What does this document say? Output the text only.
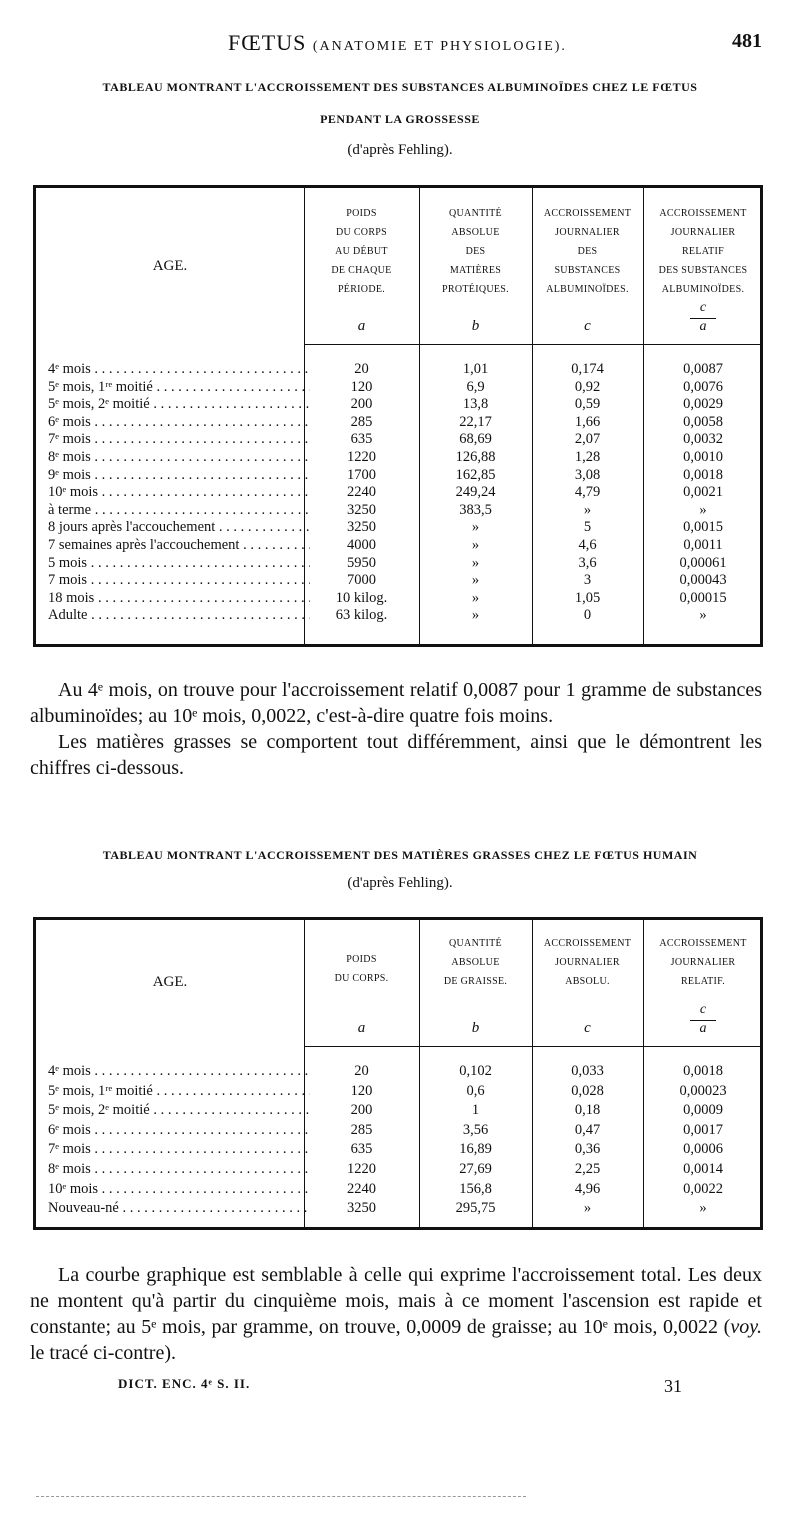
FŒTUS (ANATOMIE ET PHYSIOLOGIE).	481
TABLEAU MONTRANT L'ACCROISSEMENT DES SUBSTANCES ALBUMINOÏDES CHEZ LE FŒTUS
PENDANT LA GROSSESSE
(d'après Fehling).
AGE.
POIDS
DU CORPS
AU DÉBUT
DE CHAQUE
PÉRIODE.
QUANTITÉ
ABSOLUE
DES
MATIÈRES
PROTÉIQUES.
ACCROISSEMENT
JOURNALIER
DES
SUBSTANCES
ALBUMINOÏDES.
ACCROISSEMENT
JOURNALIER
RELATIF
DES SUBSTANCES
ALBUMINOÏDES.
a	b	c
c
a
4ᵉ mois . . .	20	1,01	0,174	0,0087
5ᵉ mois, 1ʳᵉ moitié . . .	120	6,9	0,92	0,0076
5ᵉ mois, 2ᵉ moitié . . .	200	13,8	0,59	0,0029
6ᵉ mois . . .	285	22,17	1,66	0,0058
7ᵉ mois . . .	635	68,69	2,07	0,0032
8ᵉ mois . . .	1220	126,88	1,28	0,0010
9ᵉ mois . . .	1700	162,85	3,08	0,0018
10ᵉ mois . . .	2240	249,24	4,79	0,0021
à terme . . .	3250	383,5	»	»
8 jours après l'accouchement . . .	3250	»	5	0,0015
7 semaines après l'accouchement . . .	4000	»	4,6	0,0011
5 mois . . .	5950	»	3,6	0,00061
7 mois . . .	7000	»	3	0,00043
18 mois . . .	10 kilog.	»	1,05	0,00015
Adulte . . .	63 kilog.	»	0	»

Au 4ᵉ mois, on trouve pour l'accroissement relatif 0,0087 pour 1 gramme de substances albuminoïdes; au 10ᵉ mois, 0,0022, c'est-à-dire quatre fois moins.

Les matières grasses se comportent tout différemment, ainsi que le démontrent les chiffres ci-dessous.

TABLEAU MONTRANT L'ACCROISSEMENT DES MATIÈRES GRASSES CHEZ LE FŒTUS HUMAIN
(d'après Fehling).
AGE.
POIDS
DU CORPS.
QUANTITÉ
ABSOLUE
DE GRAISSE.
ACCROISSEMENT
JOURNALIER
ABSOLU.
ACCROISSEMENT
JOURNALIER
RELATIF.
a	b	c
c
a
4ᵉ mois . . .	20	0,102	0,033	0,0018
5ᵉ mois, 1ʳᵉ moitié . . .	120	0,6	0,028	0,00023
5ᵉ mois, 2ᵉ moitié . . .	200	1	0,18	0,0009
6ᵉ mois . . .	285	3,56	0,47	0,0017
7ᵉ mois . . .	635	16,89	0,36	0,0006
8ᵉ mois . . .	1220	27,69	2,25	0,0014
10ᵉ mois . . .	2240	156,8	4,96	0,0022
Nouveau-né . . .	3250	295,75	»	»

La courbe graphique est semblable à celle qui exprime l'accroissement total. Les deux ne montent qu'à partir du cinquième mois, mais à ce moment l'ascension est rapide et constante; au 5ᵉ mois, par gramme, on trouve, 0,0009 de graisse; au 10ᵉ mois, 0,0022 (voy. le tracé ci-contre).

DICT. ENC. 4ᵉ S. II.	31
